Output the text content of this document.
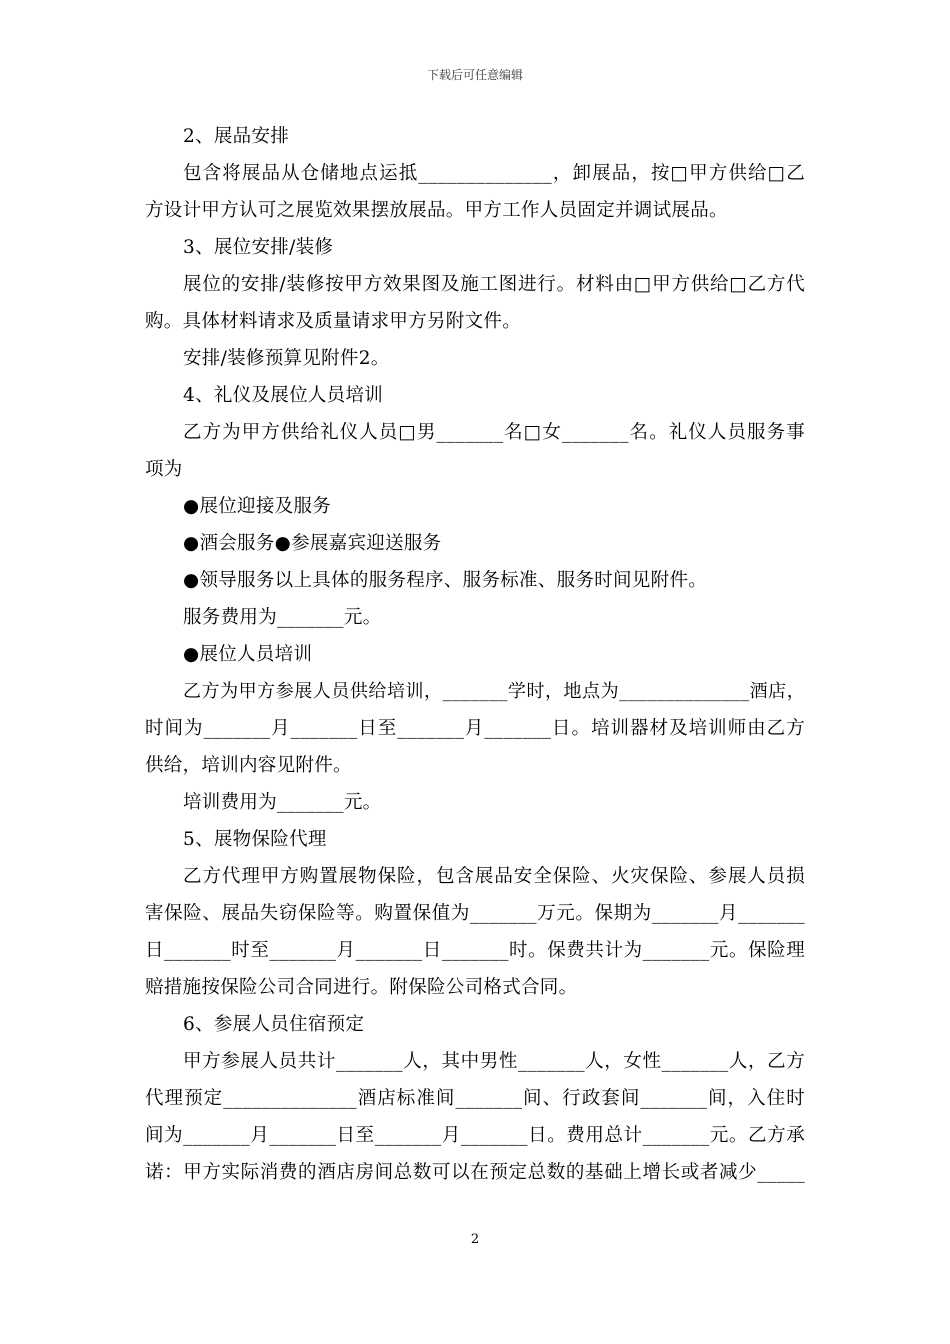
下载后可任意编辑

2、展品安排

包含将展品从仓储地点运抵______________，卸展品，按□甲方供给□乙

方设计甲方认可之展览效果摆放展品。甲方工作人员固定并调试展品。

3、展位安排/装修

展位的安排/装修按甲方效果图及施工图进行。材料由□甲方供给□乙方代

购。具体材料请求及质量请求甲方另附文件。

安排/装修预算见附件2。

4、礼仪及展位人员培训

乙方为甲方供给礼仪人员□男_______名□女_______名。礼仪人员服务事

项为

●展位迎接及服务

●酒会服务●参展嘉宾迎送服务

●领导服务以上具体的服务程序、服务标准、服务时间见附件。

服务费用为_______元。

●展位人员培训

乙方为甲方参展人员供给培训，_______学时，地点为______________酒店，

时间为_______月_______日至_______月_______日。培训器材及培训师由乙方

供给，培训内容见附件。

培训费用为_______元。

5、展物保险代理

乙方代理甲方购置展物保险，包含展品安全保险、火灾保险、参展人员损

害保险、展品失窃保险等。购置保值为_______万元。保期为_______月_______

日_______时至_______月_______日_______时。保费共计为_______元。保险理

赔措施按保险公司合同进行。附保险公司格式合同。

6、参展人员住宿预定

甲方参展人员共计_______人，其中男性_______人，女性_______人，乙方

代理预定______________酒店标准间_______间、行政套间_______间，入住时

间为_______月_______日至_______月_______日。费用总计_______元。乙方承

诺：甲方实际消费的酒店房间总数可以在预定总数的基础上增长或者减少_____

2
